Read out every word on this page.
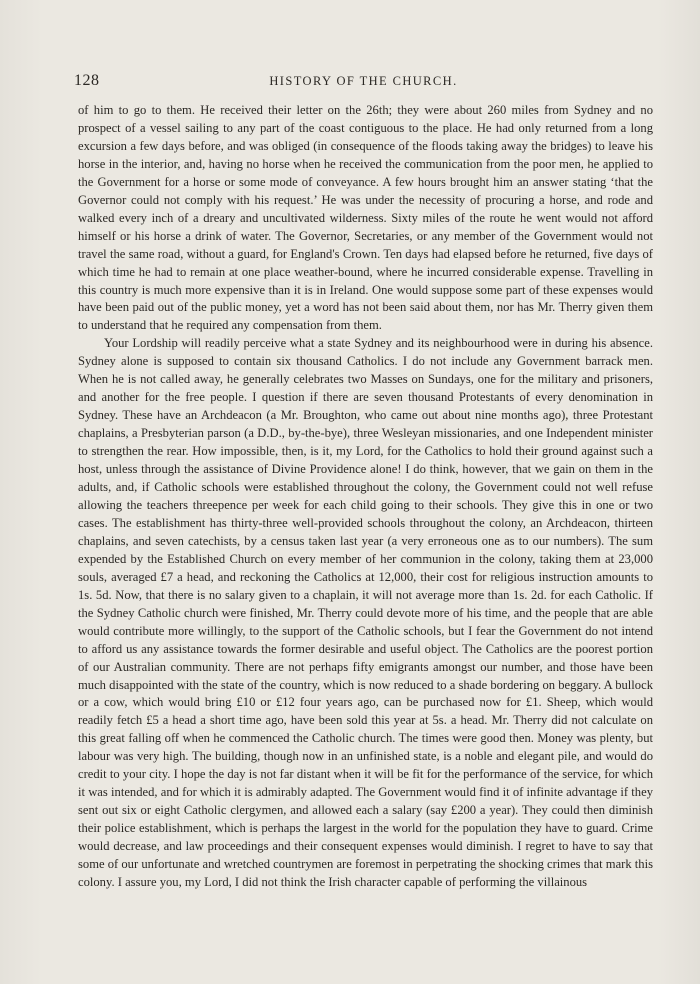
128	HISTORY OF THE CHURCH.

of him to go to them. He received their letter on the 26th; they were about 260 miles from Sydney and no prospect of a vessel sailing to any part of the coast contiguous to the place. He had only returned from a long excursion a few days before, and was obliged (in consequence of the floods taking away the bridges) to leave his horse in the interior, and, having no horse when he received the communication from the poor men, he applied to the Government for a horse or some mode of conveyance. A few hours brought him an answer stating ‘that the Governor could not comply with his request.’ He was under the necessity of procuring a horse, and rode and walked every inch of a dreary and uncultivated wilderness. Sixty miles of the route he went would not afford himself or his horse a drink of water. The Governor, Secretaries, or any member of the Government would not travel the same road, without a guard, for England's Crown. Ten days had elapsed before he returned, five days of which time he had to remain at one place weather-bound, where he incurred considerable expense. Travelling in this country is much more expensive than it is in Ireland. One would suppose some part of these expenses would have been paid out of the public money, yet a word has not been said about them, nor has Mr. Therry given them to understand that he required any compensation from them.

Your Lordship will readily perceive what a state Sydney and its neighbourhood were in during his absence. Sydney alone is supposed to contain six thousand Catholics. I do not include any Government barrack men. When he is not called away, he generally celebrates two Masses on Sundays, one for the military and prisoners, and another for the free people. I question if there are seven thousand Protestants of every denomination in Sydney. These have an Archdeacon (a Mr. Broughton, who came out about nine months ago), three Protestant chaplains, a Presbyterian parson (a D.D., by-the-bye), three Wesleyan missionaries, and one Independent minister to strengthen the rear. How impossible, then, is it, my Lord, for the Catholics to hold their ground against such a host, unless through the assistance of Divine Providence alone! I do think, however, that we gain on them in the adults, and, if Catholic schools were established throughout the colony, the Government could not well refuse allowing the teachers threepence per week for each child going to their schools. They give this in one or two cases. The establishment has thirty-three well-provided schools throughout the colony, an Archdeacon, thirteen chaplains, and seven catechists, by a census taken last year (a very erroneous one as to our numbers). The sum expended by the Established Church on every member of her communion in the colony, taking them at 23,000 souls, averaged £7 a head, and reckoning the Catholics at 12,000, their cost for religious instruction amounts to 1s. 5d. Now, that there is no salary given to a chaplain, it will not average more than 1s. 2d. for each Catholic. If the Sydney Catholic church were finished, Mr. Therry could devote more of his time, and the people that are able would contribute more willingly, to the support of the Catholic schools, but I fear the Government do not intend to afford us any assistance towards the former desirable and useful object. The Catholics are the poorest portion of our Australian community. There are not perhaps fifty emigrants amongst our number, and those have been much disappointed with the state of the country, which is now reduced to a shade bordering on beggary. A bullock or a cow, which would bring £10 or £12 four years ago, can be purchased now for £1. Sheep, which would readily fetch £5 a head a short time ago, have been sold this year at 5s. a head. Mr. Therry did not calculate on this great falling off when he commenced the Catholic church. The times were good then. Money was plenty, but labour was very high. The building, though now in an unfinished state, is a noble and elegant pile, and would do credit to your city. I hope the day is not far distant when it will be fit for the performance of the service, for which it was intended, and for which it is admirably adapted. The Government would find it of infinite advantage if they sent out six or eight Catholic clergymen, and allowed each a salary (say £200 a year). They could then diminish their police establishment, which is perhaps the largest in the world for the population they have to guard. Crime would decrease, and law proceedings and their consequent expenses would diminish. I regret to have to say that some of our unfortunate and wretched countrymen are foremost in perpetrating the shocking crimes that mark this colony. I assure you, my Lord, I did not think the Irish character capable of performing the villainous
